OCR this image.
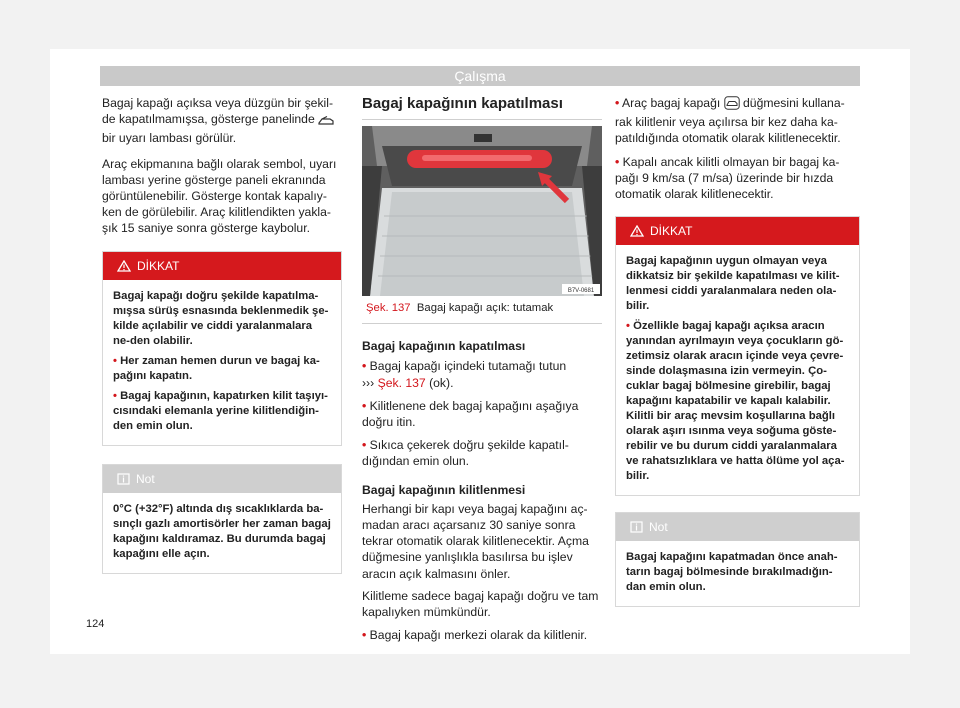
Çalışma

Bagaj kapağı açıksa veya düzgün bir şekil-de kapatılmamışsa, gösterge panelinde  bir uyarı lambası görülür.

Araç ekipmanına bağlı olarak sembol, uyarı lambası yerine gösterge paneli ekranında görüntülenebilir. Gösterge kontak kapalıy-ken de görülebilir. Araç kilitlendikten yakla-şık 15 saniye sonra gösterge kaybolur.

DİKKAT

Bagaj kapağı doğru şekilde kapatılma-mışsa sürüş esnasında beklenmedik şe-kilde açılabilir ve ciddi yaralanmalara ne-den olabilir.

• Her zaman hemen durun ve bagaj ka-pağını kapatın.

• Bagaj kapağının, kapatırken kilit taşıyı-cısındaki elemanla yerine kilitlendiğin-den emin olun.

Not

0°C (+32°F) altında dış sıcaklıklarda ba-sınçlı gazlı amortisörler her zaman bagaj kapağını kaldıramaz. Bu durumda bagaj kapağını elle açın.

Bagaj kapağının kapatılması
B7V-0681
Şek. 137 Bagaj kapağı açık: tutamak
Bagaj kapağının kapatılması

• Bagaj kapağı içindeki tutamağı tutun
››› Şek. 137 (ok).

• Kilitlenene dek bagaj kapağını aşağıya doğru itin.

• Sıkıca çekerek doğru şekilde kapatıl-dığından emin olun.

Bagaj kapağının kilitlenmesi

Herhangi bir kapı veya bagaj kapağını aç-madan aracı açarsanız 30 saniye sonra tekrar otomatik olarak kilitlenecektir. Açma düğmesine yanlışlıkla basılırsa bu işlev aracın açık kalmasını önler.

Kilitleme sadece bagaj kapağı doğru ve tam kapalıyken mümkündür.

• Bagaj kapağı merkezi olarak da kilitlenir.

• Araç bagaj kapağı düğmesini kullana-rak kilitlenir veya açılırsa bir kez daha ka-patıldığında otomatik olarak kilitlenecektir.

• Kapalı ancak kilitli olmayan bir bagaj ka-pağı 9 km/sa (7 m/sa) üzerinde bir hızda otomatik olarak kilitlenecektir.

DİKKAT

Bagaj kapağının uygun olmayan veya dikkatsiz bir şekilde kapatılması ve kilit-lenmesi ciddi yaralanmalara neden ola-bilir.

• Özellikle bagaj kapağı açıksa aracın yanından ayrılmayın veya çocukların gö-zetimsiz olarak aracın içinde veya çevre-sinde dolaşmasına izin vermeyin. Ço-cuklar bagaj bölmesine girebilir, bagaj kapağını kapatabilir ve kapalı kalabilir. Kilitli bir araç mevsim koşullarına bağlı olarak aşırı ısınma veya soğuma göste-rebilir ve bu durum ciddi yaralanmalara ve rahatsızlıklara ve hatta ölüme yol aça-bilir.

Not

Bagaj kapağını kapatmadan önce anah-tarın bagaj bölmesinde bırakılmadığın-dan emin olun.

124
